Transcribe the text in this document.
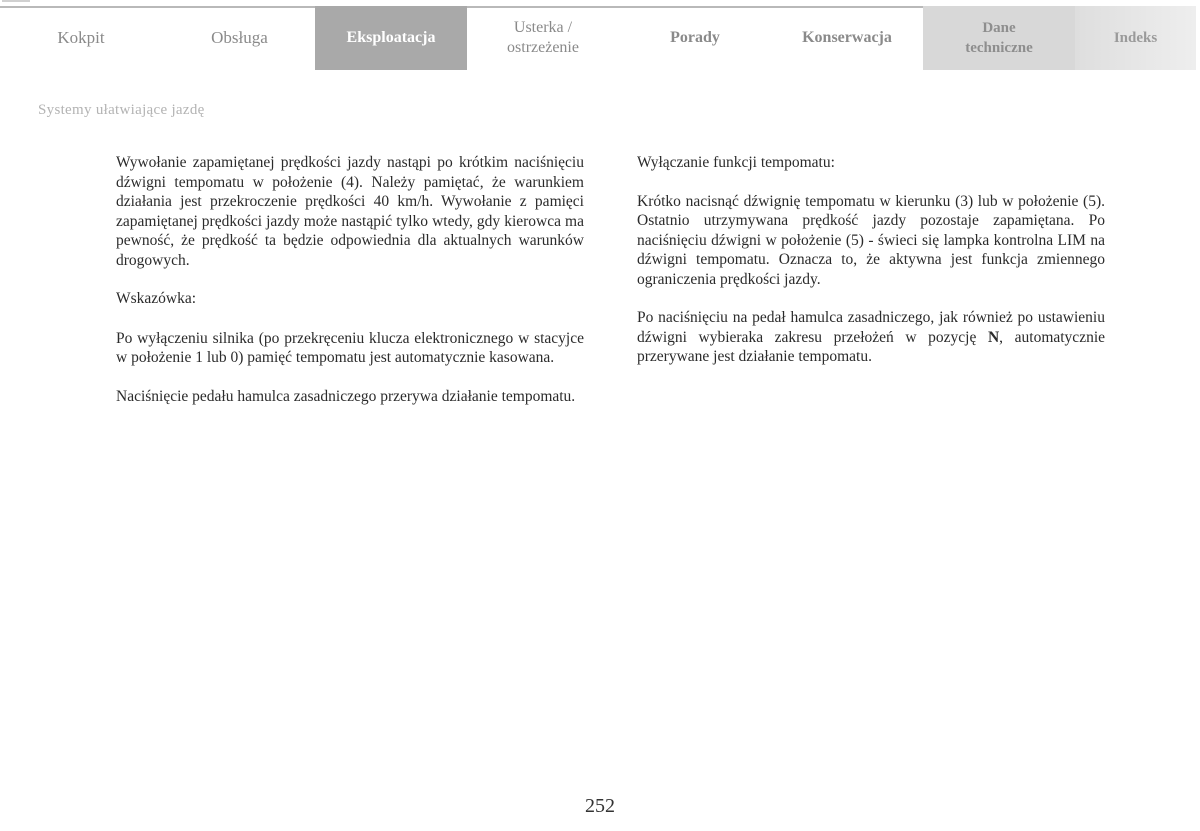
Kokpit	Obsługa	Eksploatacja
Usterka /
ostrzeżenie
Porady	Konserwacja
Dane
techniczne
Indeks
Systemy ułatwiające jazdę

Wywołanie zapamiętanej prędkości jazdy nastąpi po krótkim naciśnięciu dźwigni tempomatu w położenie (4). Należy pamiętać, że warunkiem działania jest przekroczenie prędkości 40 km/h. Wywołanie z pamięci zapamiętanej prędkości jazdy może nastąpić tylko wtedy, gdy kierowca ma pewność, że prędkość ta będzie odpowiednia dla aktualnych warunków drogowych.

Wskazówka:

Po wyłączeniu silnika (po przekręceniu klucza elektronicznego w stacyjce w położenie 1 lub 0) pamięć tempomatu jest automatycznie kasowana.

Naciśnięcie pedału hamulca zasadniczego przerywa działanie tempomatu.

Wyłączanie funkcji tempomatu:

Krótko nacisnąć dźwignię tempomatu w kierunku (3) lub w położenie (5). Ostatnio utrzymywana prędkość jazdy pozostaje zapamiętana. Po naciśnięciu dźwigni w położenie (5) - świeci się lampka kontrolna LIM na dźwigni tempomatu. Oznacza to, że aktywna jest funkcja zmiennego ograniczenia prędkości jazdy.

Po naciśnięciu na pedał hamulca zasadniczego, jak również po ustawieniu dźwigni wybieraka zakresu przełożeń w pozycję N, automatycznie przerywane jest działanie tempomatu.

252
